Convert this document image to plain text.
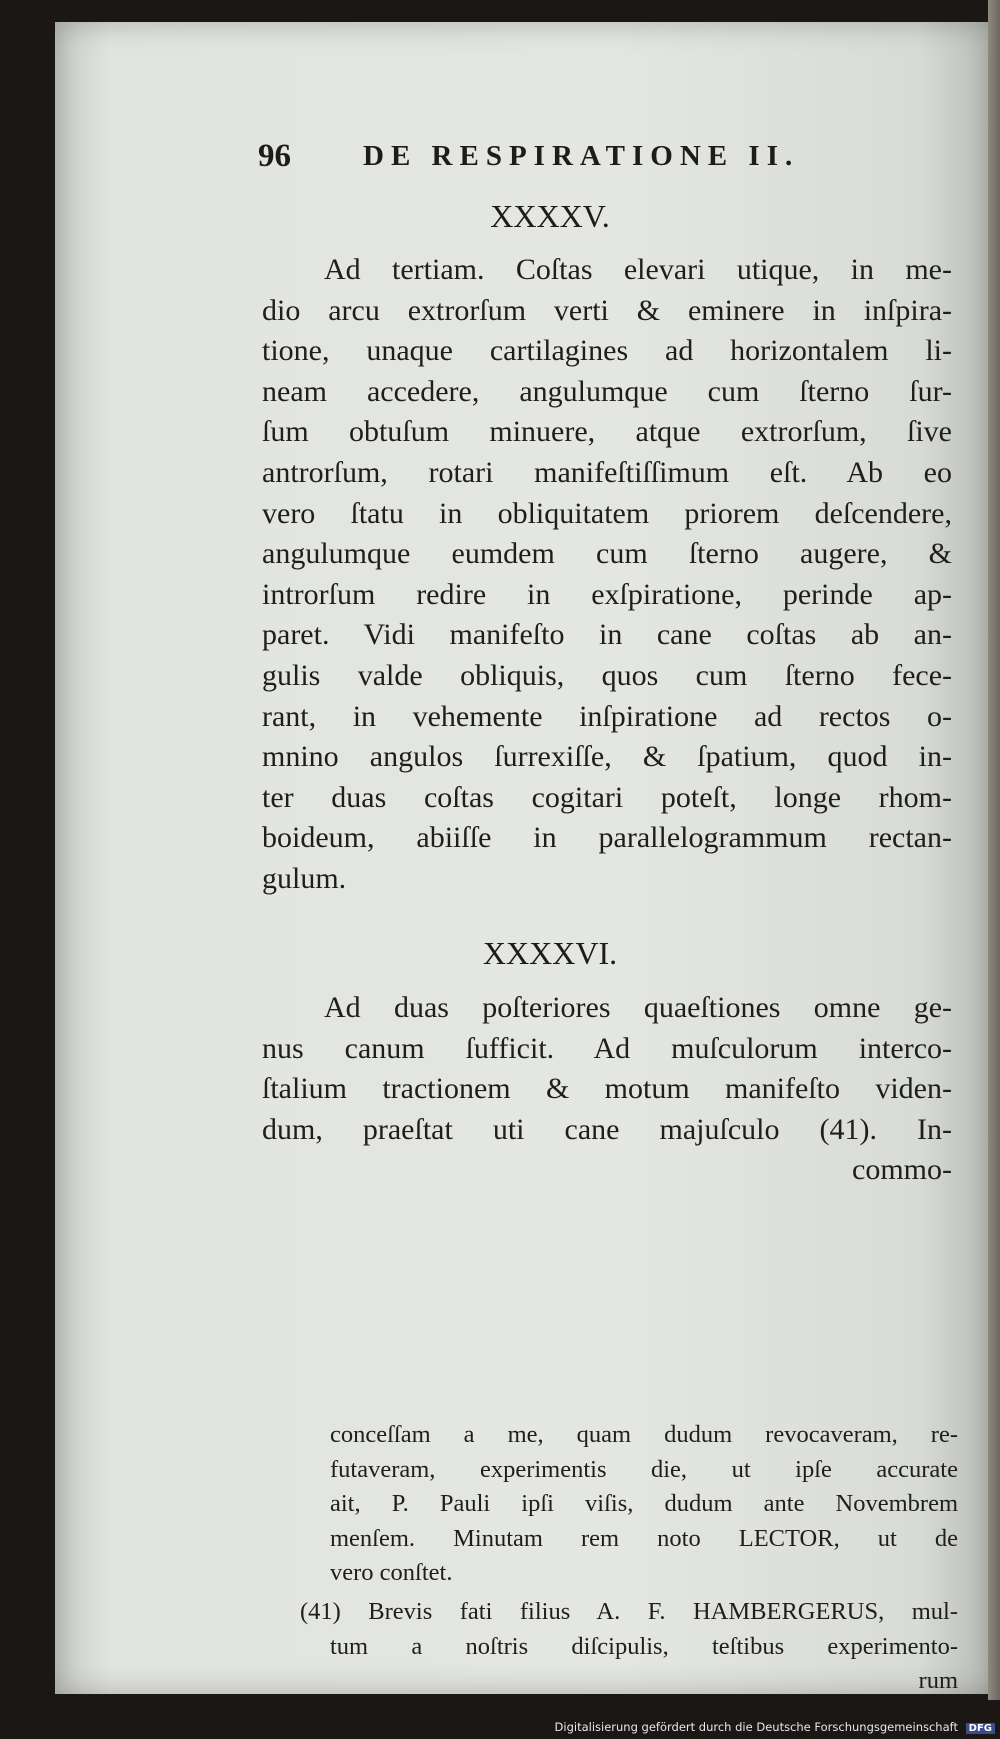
96 DE RESPIRATIONE II.
XXXXV.
Ad tertiam. Coſtas elevari utique, in me-
dio arcu extrorſum verti & eminere in inſpira-
tione, unaque cartilagines ad horizontalem li-
neam accedere, angulumque cum ſterno ſur-
ſum obtuſum minuere, atque extrorſum, ſive
antrorſum, rotari manifeſtiſſimum eſt. Ab eo
vero ſtatu in obliquitatem priorem deſcendere,
angulumque eumdem cum ſterno augere, &
introrſum redire in exſpiratione, perinde ap-
paret. Vidi manifeſto in cane coſtas ab an-
gulis valde obliquis, quos cum ſterno fece-
rant, in vehemente inſpiratione ad rectos o-
mnino angulos ſurrexiſſe, & ſpatium, quod in-
ter duas coſtas cogitari poteſt, longe rhom-
boideum, abiiſſe in parallelogrammum rectan-
gulum.
XXXXVI.
Ad duas poſteriores quaeſtiones omne ge-
nus canum ſufficit. Ad muſculorum interco-
ſtalium tractionem & motum manifeſto viden-
dum, praeſtat uti cane majuſculo (41). In-
commo-
conceſſam a me, quam dudum revocaveram, re-
futaveram, experimentis die, ut ipſe accurate
ait, P. Pauli ipſi viſis, dudum ante Novembrem
menſem. Minutam rem noto LECTOR, ut de
vero conſtet.
(41) Brevis fati filius A. F. HAMBERGERUS, mul-
tum a noſtris diſcipulis, teſtibus experimento-
rum
Digitalisierung gefördert durch die Deutsche Forschungsgemeinschaft DFG
